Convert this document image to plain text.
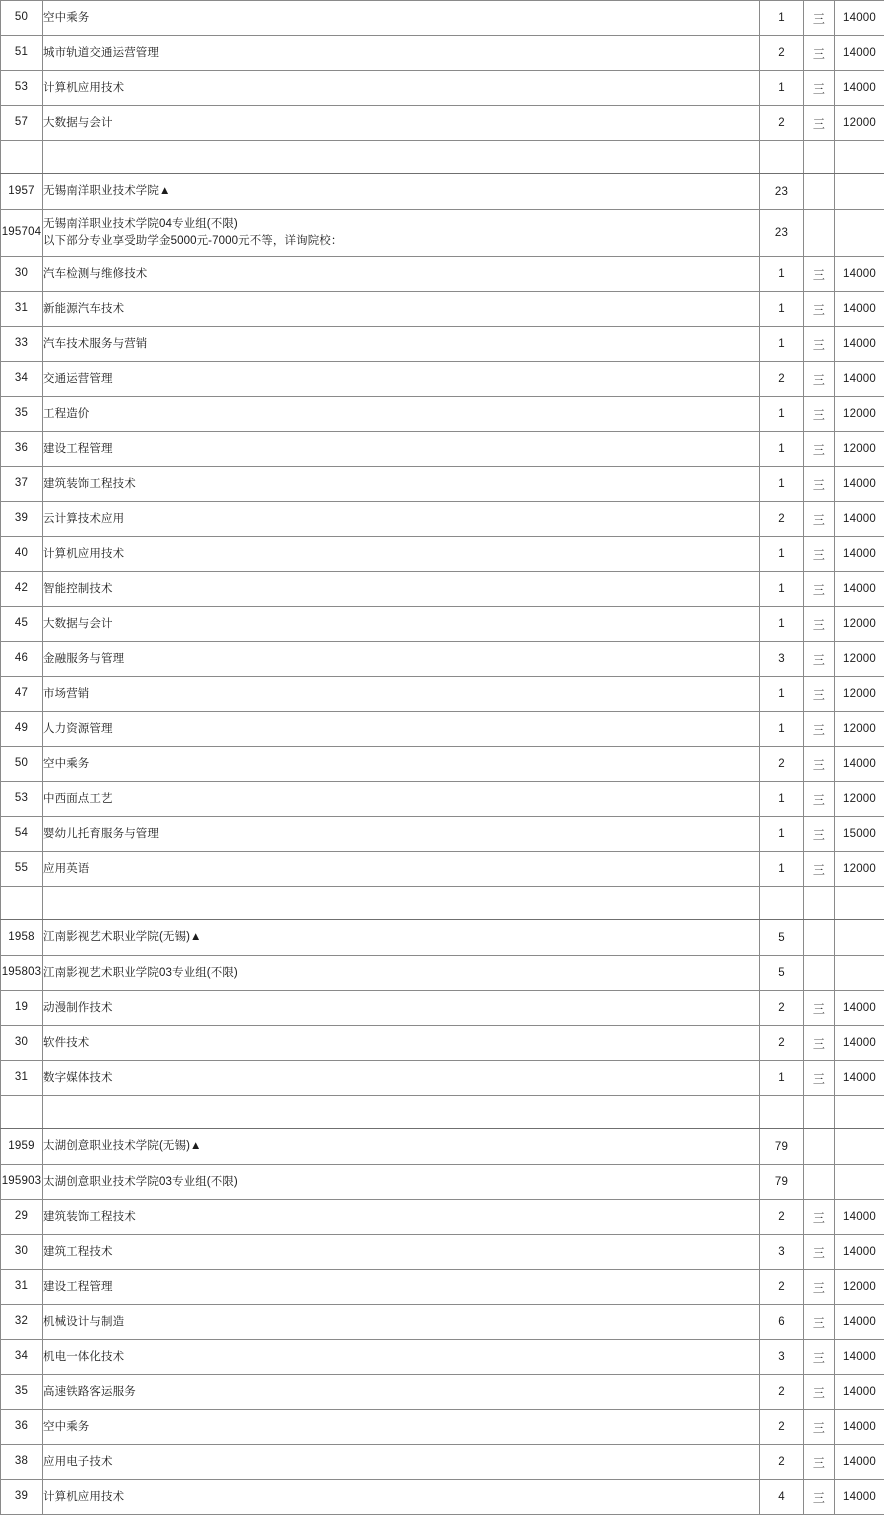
50	空中乘务	1	三	14000
51	城市轨道交通运营管理	2	三	14000
53	计算机应用技术	1	三	14000
57	大数据与会计	2	三	12000

1957	无锡南洋职业技术学院▲	23		
195704	无锡南洋职业技术学院04专业组(不限)
以下部分专业享受助学金5000元-7000元不等，详询院校：	23		
30	汽车检测与维修技术	1	三	14000
31	新能源汽车技术	1	三	14000
33	汽车技术服务与营销	1	三	14000
34	交通运营管理	2	三	14000
35	工程造价	1	三	12000
36	建设工程管理	1	三	12000
37	建筑装饰工程技术	1	三	14000
39	云计算技术应用	2	三	14000
40	计算机应用技术	1	三	14000
42	智能控制技术	1	三	14000
45	大数据与会计	1	三	12000
46	金融服务与管理	3	三	12000
47	市场营销	1	三	12000
49	人力资源管理	1	三	12000
50	空中乘务	2	三	14000
53	中西面点工艺	1	三	12000
54	婴幼儿托育服务与管理	1	三	15000
55	应用英语	1	三	12000

1958	江南影视艺术职业学院(无锡)▲	5		
195803	江南影视艺术职业学院03专业组(不限)	5		
19	动漫制作技术	2	三	14000
30	软件技术	2	三	14000
31	数字媒体技术	1	三	14000

1959	太湖创意职业技术学院(无锡)▲	79		
195903	太湖创意职业技术学院03专业组(不限)	79		
29	建筑装饰工程技术	2	三	14000
30	建筑工程技术	3	三	14000
31	建设工程管理	2	三	12000
32	机械设计与制造	6	三	14000
34	机电一体化技术	3	三	14000
35	高速铁路客运服务	2	三	14000
36	空中乘务	2	三	14000
38	应用电子技术	2	三	14000
39	计算机应用技术	4	三	14000
